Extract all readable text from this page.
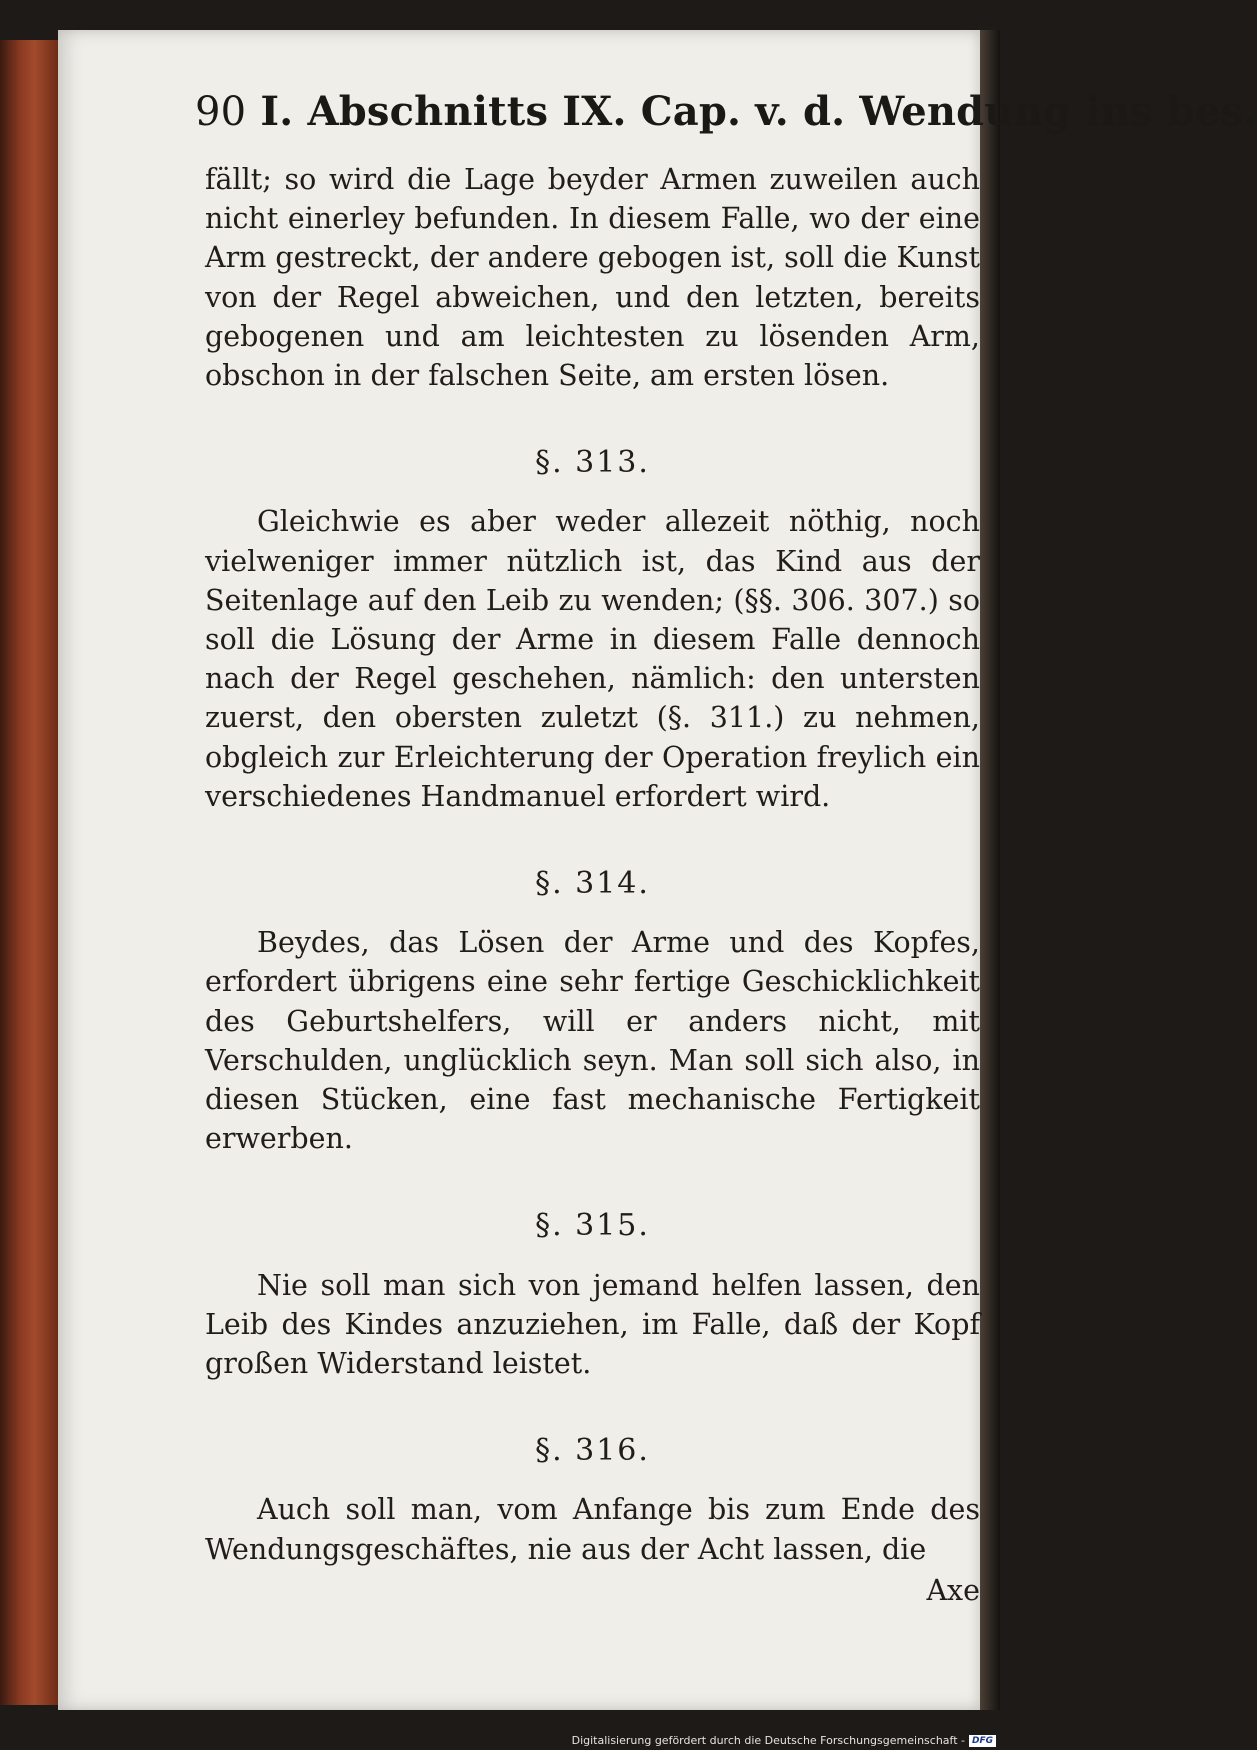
90 I. Abschnitts IX. Cap. v. d. Wendung ins bes.

fällt; so wird die Lage beyder Armen zuweilen auch nicht einerley befunden. In diesem Falle, wo der eine Arm gestreckt, der andere gebogen ist, soll die Kunst von der Regel abweichen, und den letzten, bereits gebogenen und am leichtesten zu lösenden Arm, obschon in der falschen Seite, am ersten lösen.

§. 313.

Gleichwie es aber weder allezeit nöthig, noch vielweniger immer nützlich ist, das Kind aus der Seitenlage auf den Leib zu wenden; (§§. 306. 307.) so soll die Lösung der Arme in diesem Falle dennoch nach der Regel geschehen, nämlich: den untersten zuerst, den obersten zuletzt (§. 311.) zu nehmen, obgleich zur Erleichterung der Operation freylich ein verschiedenes Handmanuel erfordert wird.

§. 314.

Beydes, das Lösen der Arme und des Kopfes, erfordert übrigens eine sehr fertige Geschicklichkeit des Geburtshelfers, will er anders nicht, mit Verschulden, unglücklich seyn. Man soll sich also, in diesen Stücken, eine fast mechanische Fertigkeit erwerben.

§. 315.

Nie soll man sich von jemand helfen lassen, den Leib des Kindes anzuziehen, im Falle, daß der Kopf großen Widerstand leistet.

§. 316.

Auch soll man, vom Anfange bis zum Ende des Wendungsgeschäftes, nie aus der Acht lassen, die

Axe
Digitalisierung gefördert durch die Deutsche Forschungsgemeinschaft - DFG
